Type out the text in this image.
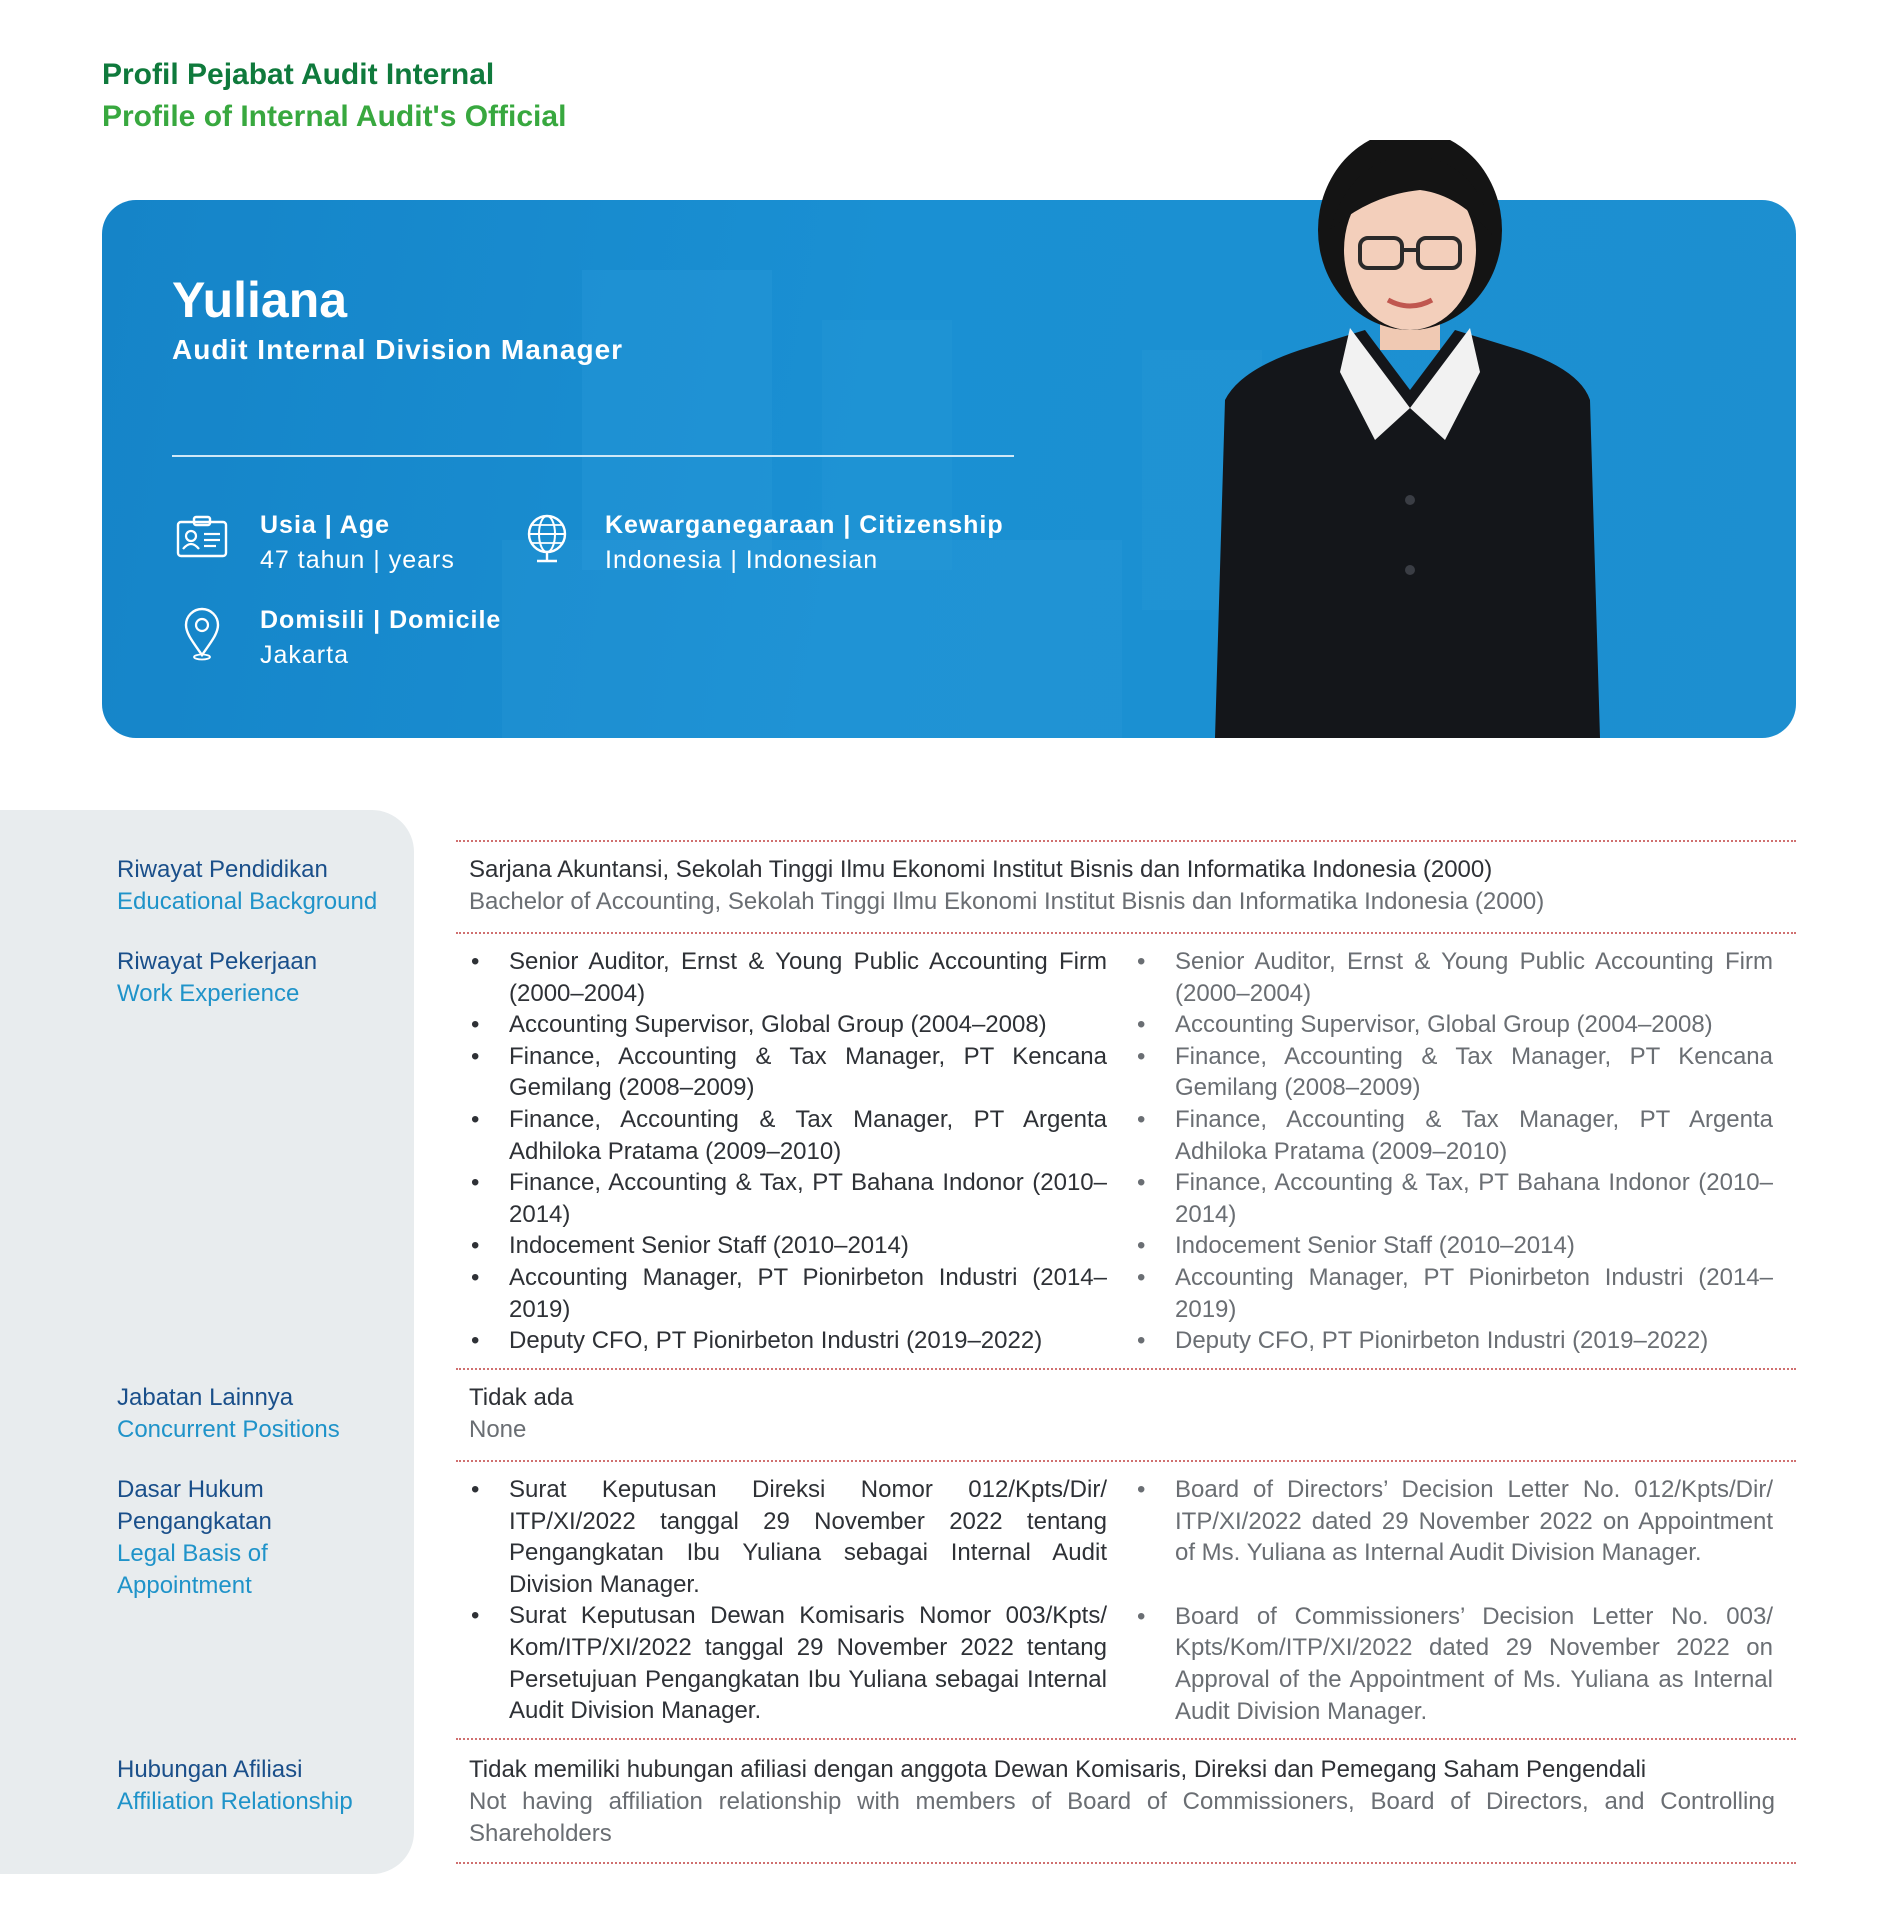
Profil Pejabat Audit Internal
Profile of Internal Audit's Official
Yuliana
Audit Internal Division Manager
Usia | Age
47 tahun | years
Kewarganegaraan | Citizenship
Indonesia | Indonesian
Domisili | Domicile
Jakarta
Riwayat Pendidikan
Educational Background
Sarjana Akuntansi, Sekolah Tinggi Ilmu Ekonomi Institut Bisnis dan Informatika Indonesia (2000)
Bachelor of Accounting, Sekolah Tinggi Ilmu Ekonomi Institut Bisnis dan Informatika Indonesia (2000)
Riwayat Pekerjaan
Work Experience
• Senior Auditor, Ernst & Young Public Accounting Firm (2000–2004)
• Accounting Supervisor, Global Group (2004–2008)
• Finance, Accounting & Tax Manager, PT Kencana Gemilang (2008–2009)
• Finance, Accounting & Tax Manager, PT Argenta Adhiloka Pratama (2009–2010)
• Finance, Accounting & Tax, PT Bahana Indonor (2010–2014)
• Indocement Senior Staff (2010–2014)
• Accounting Manager, PT Pionirbeton Industri (2014–2019)
• Deputy CFO, PT Pionirbeton Industri (2019–2022)
• Senior Auditor, Ernst & Young Public Accounting Firm (2000–2004)
• Accounting Supervisor, Global Group (2004–2008)
• Finance, Accounting & Tax Manager, PT Kencana Gemilang (2008–2009)
• Finance, Accounting & Tax Manager, PT Argenta Adhiloka Pratama (2009–2010)
• Finance, Accounting & Tax, PT Bahana Indonor (2010–2014)
• Indocement Senior Staff (2010–2014)
• Accounting Manager, PT Pionirbeton Industri (2014–2019)
• Deputy CFO, PT Pionirbeton Industri (2019–2022)
Jabatan Lainnya
Concurrent Positions
Tidak ada
None
Dasar Hukum
Pengangkatan
Legal Basis of
Appointment
• Surat Keputusan Direksi Nomor 012/Kpts/Dir/ ITP/XI/2022 tanggal 29 November 2022 tentang Pengangkatan Ibu Yuliana sebagai Internal Audit Division Manager.
• Surat Keputusan Dewan Komisaris Nomor 003/Kpts/ Kom/ITP/XI/2022 tanggal 29 November 2022 tentang Persetujuan Pengangkatan Ibu Yuliana sebagai Internal Audit Division Manager.
• Board of Directors’ Decision Letter No. 012/Kpts/Dir/ ITP/XI/2022 dated 29 November 2022 on Appointment of Ms. Yuliana as Internal Audit Division Manager.
• Board of Commissioners’ Decision Letter No. 003/ Kpts/Kom/ITP/XI/2022 dated 29 November 2022 on Approval of the Appointment of Ms. Yuliana as Internal Audit Division Manager.
Hubungan Afiliasi
Affiliation Relationship
Tidak memiliki hubungan afiliasi dengan anggota Dewan Komisaris, Direksi dan Pemegang Saham Pengendali
Not having affiliation relationship with members of Board of Commissioners, Board of Directors, and Controlling Shareholders
